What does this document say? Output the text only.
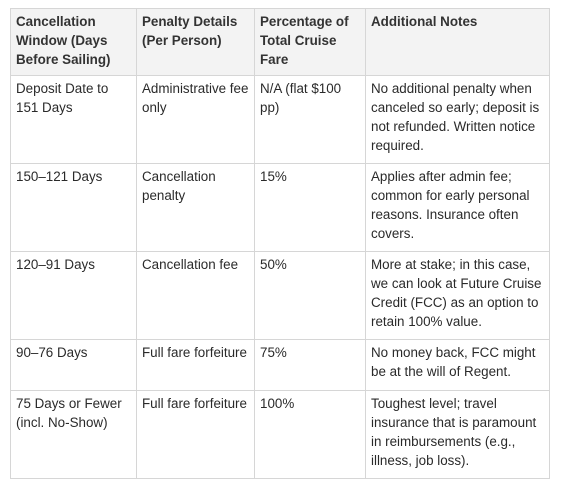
Cancellation Window (Days Before Sailing)	Penalty Details (Per Person)	Percentage of Total Cruise Fare	Additional Notes
Deposit Date to 151 Days	Administrative fee only	N/A (flat $100 pp)	No additional penalty when canceled so early; deposit is not refunded. Written notice required.
150–121 Days	Cancellation penalty	15%	Applies after admin fee; common for early personal reasons. Insurance often covers.
120–91 Days	Cancellation fee	50%	More at stake; in this case, we can look at Future Cruise Credit (FCC) as an option to retain 100% value.
90–76 Days	Full fare forfeiture	75%	No money back, FCC might be at the will of Regent.
75 Days or Fewer (incl. No-Show)	Full fare forfeiture	100%	Toughest level; travel insurance that is paramount in reimbursements (e.g., illness, job loss).
